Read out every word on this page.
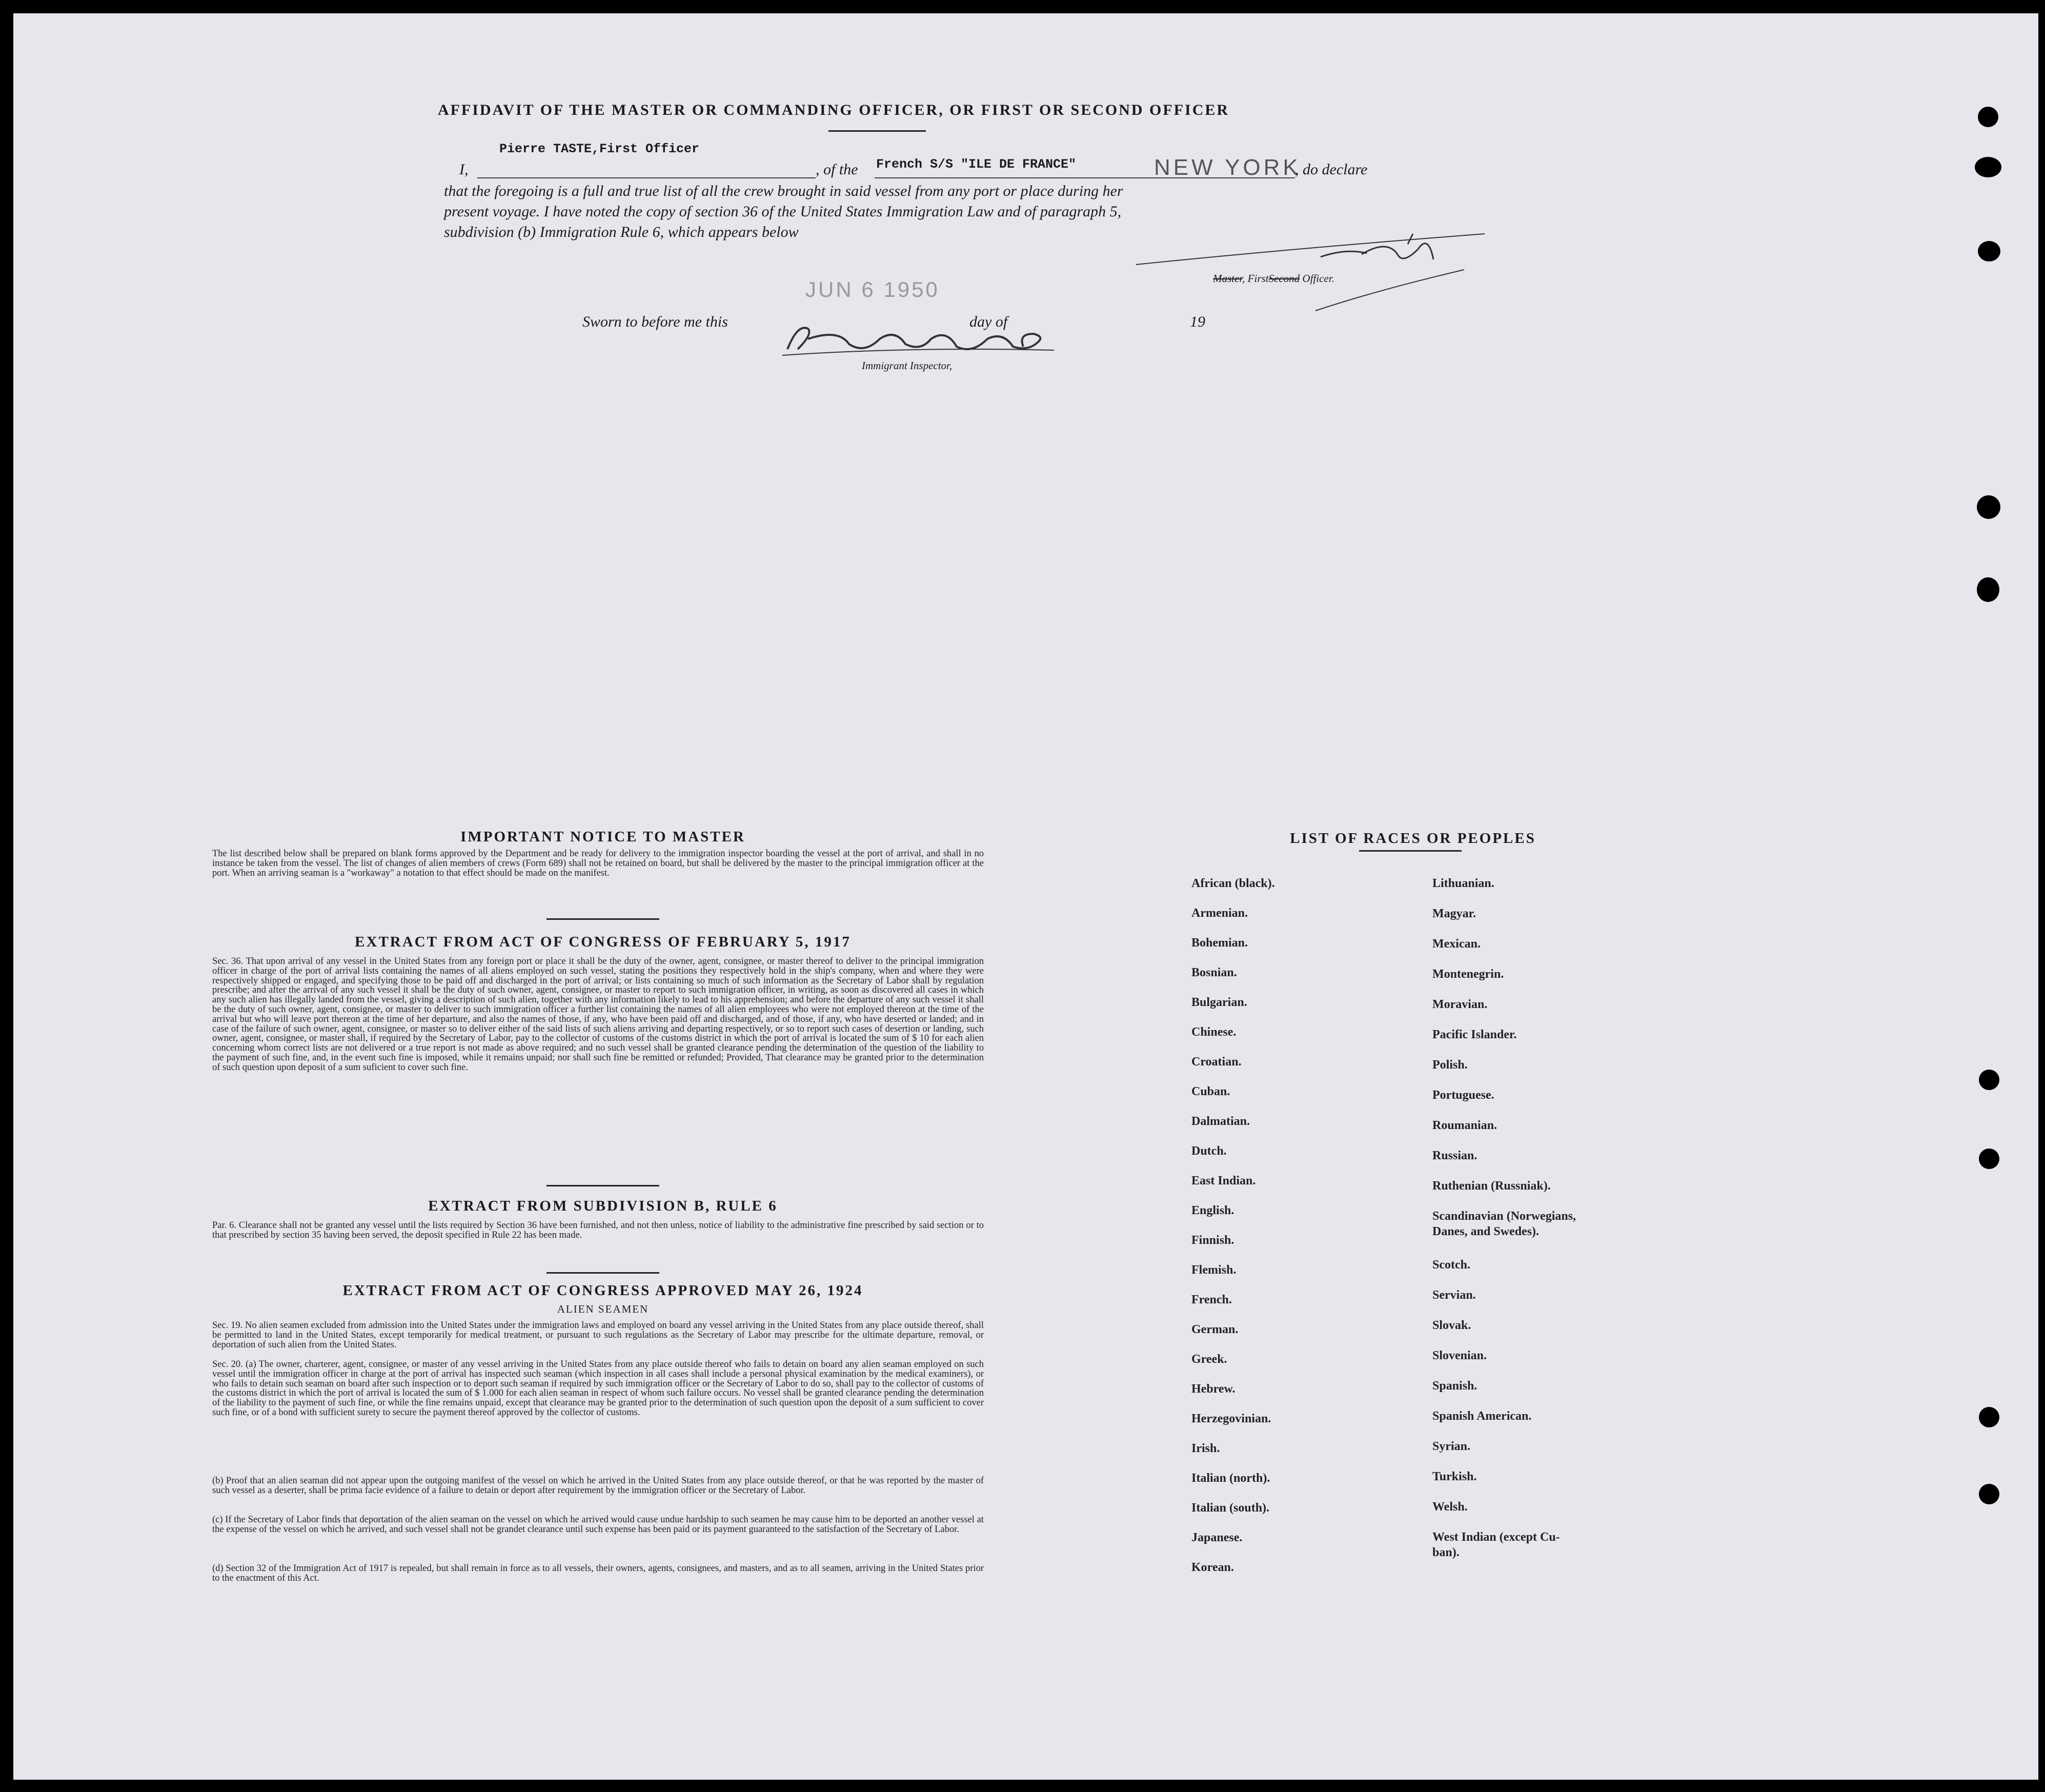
AFFIDAVIT OF THE MASTER OR COMMANDING OFFICER, OR FIRST OR SECOND OFFICER
Pierre TASTE,First Officer
I,	, of the French S/S "ILE DE FRANCE"	NEW YORK
, do declare
that the foregoing is a full and true list of all the crew brought in said vessel from any port or place during her
present voyage. I have noted the copy of section 36 of the United States Immigration Law and of paragraph 5,
subdivision (b) Immigration Rule 6, which appears below
Master, FirstSecond Officer.
JUN 6 1950
Sworn to before me this	day of	19
Immigrant Inspector,
IMPORTANT NOTICE TO MASTER
The list described below shall be prepared on blank forms approved by the Department and be ready for delivery to the immigration inspector boarding the vessel at the port of arrival, and shall in no instance be taken from the vessel. The list of changes of alien members of crews (Form 689) shall not be retained on board, but shall be delivered by the master to the principal immigration officer at the port. When an arriving seaman is a "workaway" a notation to that effect should be made on the manifest.
EXTRACT FROM ACT OF CONGRESS OF FEBRUARY 5, 1917
Sec. 36. That upon arrival of any vessel in the United States from any foreign port or place it shall be the duty of the owner, agent, consignee, or master thereof to deliver to the principal immigration officer in charge of the port of arrival lists containing the names of all aliens employed on such vessel, stating the positions they respectively hold in the ship's company, when and where they were respectively shipped or engaged, and specifying those to be paid off and discharged in the port of arrival; or lists containing so much of such information as the Secretary of Labor shall by regulation prescribe; and after the arrival of any such vessel it shall be the duty of such owner, agent, consignee, or master to report to such immigration officer, in writing, as soon as discovered all cases in which any such alien has illegally landed from the vessel, giving a description of such alien, together with any information likely to lead to his apprehension; and before the departure of any such vessel it shall be the duty of such owner, agent, consignee, or master to deliver to such immigration officer a further list containing the names of all alien employees who were not employed thereon at the time of the arrival but who will leave port thereon at the time of her departure, and also the names of those, if any, who have been paid off and discharged, and of those, if any, who have deserted or landed; and in case of the failure of such owner, agent, consignee, or master so to deliver either of the said lists of such aliens arriving and departing respectively, or so to report such cases of desertion or landing, such owner, agent, consignee, or master shall, if required by the Secretary of Labor, pay to the collector of customs of the customs district in which the port of arrival is located the sum of $ 10 for each alien concerning whom correct lists are not delivered or a true report is not made as above required; and no such vessel shall be granted clearance pending the determination of the question of the liability to the payment of such fine, and, in the event such fine is imposed, while it remains unpaid; nor shall such fine be remitted or refunded; Provided, That clearance may be granted prior to the determination of such question upon deposit of a sum suficient to cover such fine.
EXTRACT FROM SUBDIVISION B, RULE 6
Par. 6. Clearance shall not be granted any vessel until the lists required by Section 36 have been furnished, and not then unless, notice of liability to the administrative fine prescribed by said section or to that prescribed by section 35 having been served, the deposit specified in Rule 22 has been made.
EXTRACT FROM ACT OF CONGRESS APPROVED MAY 26, 1924
ALIEN SEAMEN
Sec. 19. No alien seamen excluded from admission into the United States under the immigration laws and employed on board any vessel arriving in the United States from any place outside thereof, shall be permitted to land in the United States, except temporarily for medical treatment, or pursuant to such regulations as the Secretary of Labor may prescribe for the ultimate departure, removal, or deportation of such alien from the United States.
Sec. 20. (a) The owner, charterer, agent, consignee, or master of any vessel arriving in the United States from any place outside thereof who fails to detain on board any alien seaman employed on such vessel until the immigration officer in charge at the port of arrival has inspected such seaman (which inspection in all cases shall include a personal physical examination by the medical examiners), or who fails to detain such seaman on board after such inspection or to deport such seaman if required by such immigration officer or the Secretary of Labor to do so, shall pay to the collector of customs of the customs district in which the port of arrival is located the sum of $ 1.000 for each alien seaman in respect of whom such failure occurs. No vessel shall be granted clearance pending the determination of the liability to the payment of such fine, or while the fine remains unpaid, except that clearance may be granted prior to the determination of such question upon the deposit of a sum sufficient to cover such fine, or of a bond with sufficient surety to secure the payment thereof approved by the collector of customs.
(b) Proof that an alien seaman did not appear upon the outgoing manifest of the vessel on which he arrived in the United States from any place outside thereof, or that he was reported by the master of such vessel as a deserter, shall be prima facie evidence of a failure to detain or deport after requirement by the immigration officer or the Secretary of Labor.
(c) If the Secretary of Labor finds that deportation of the alien seaman on the vessel on which he arrived would cause undue hardship to such seamen he may cause him to be deported an another vessel at the expense of the vessel on which he arrived, and such vessel shall not be grandet clearance until such expense has been paid or its payment guaranteed to the satisfaction of the Secretary of Labor.
(d) Section 32 of the Immigration Act of 1917 is repealed, but shall remain in force as to all vessels, their owners, agents, consignees, and masters, and as to all seamen, arriving in the United States prior to the enactment of this Act.
LIST OF RACES OR PEOPLES
African (black).
Armenian.
Bohemian.
Bosnian.
Bulgarian.
Chinese.
Croatian.
Cuban.
Dalmatian.
Dutch.
East Indian.
English.
Finnish.
Flemish.
French.
German.
Greek.
Hebrew.
Herzegovinian.
Irish.
Italian (north).
Italian (south).
Japanese.
Korean.
Lithuanian.
Magyar.
Mexican.
Montenegrin.
Moravian.
Pacific Islander.
Polish.
Portuguese.
Roumanian.
Russian.
Ruthenian (Russniak).
Scandinavian (Norwegians,
Danes, and Swedes).
Scotch.
Servian.
Slovak.
Slovenian.
Spanish.
Spanish American.
Syrian.
Turkish.
Welsh.
West Indian (except Cu-
ban).
